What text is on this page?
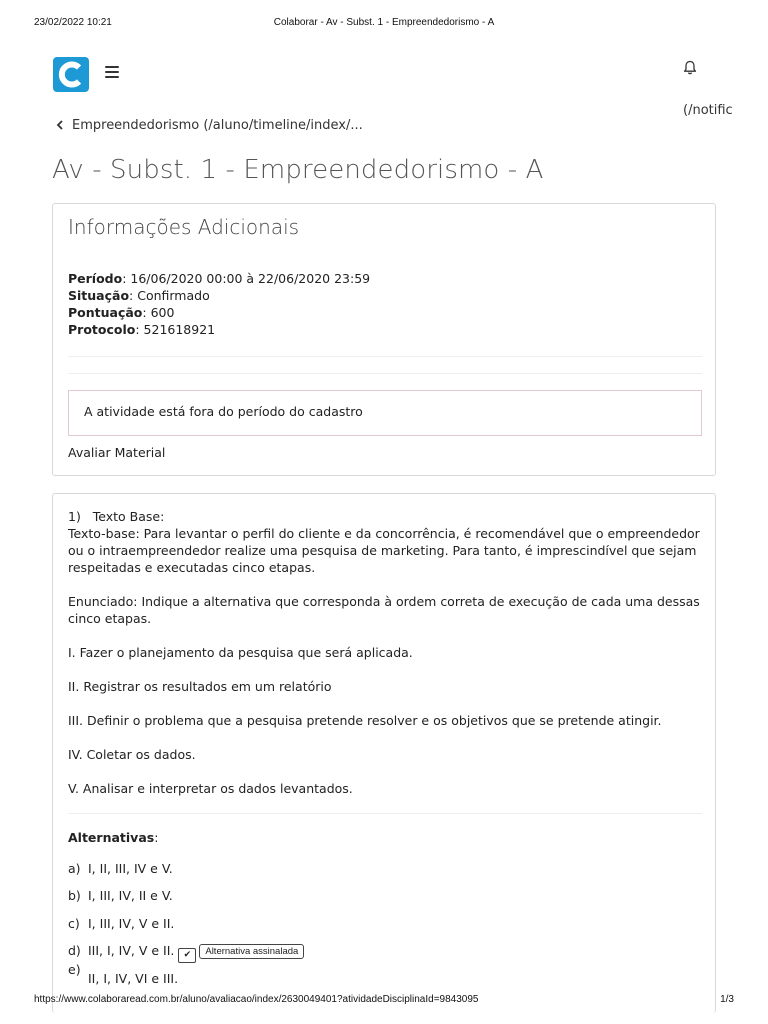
23/02/2022 10:21	Colaborar - Av - Subst. 1 - Empreendedorismo - A
(/notific
Empreendedorismo (/aluno/timeline/index/...
Av - Subst. 1 - Empreendedorismo - A
Informações Adicionais
Período: 16/06/2020 00:00 à 22/06/2020 23:59
Situação: Confirmado
Pontuação: 600
Protocolo: 521618921
A atividade está fora do período do cadastro
Avaliar Material

1) Texto Base:

Texto-base: Para levantar o perfil do cliente e da concorrência, é recomendável que o empreendedor ou o intraempreendedor realize uma pesquisa de marketing. Para tanto, é imprescindível que sejam respeitadas e executadas cinco etapas.

Enunciado: Indique a alternativa que corresponda à ordem correta de execução de cada uma dessas cinco etapas.

I. Fazer o planejamento da pesquisa que será aplicada.

II. Registrar os resultados em um relatório

III. Definir o problema que a pesquisa pretende resolver e os objetivos que se pretende atingir.

IV. Coletar os dados.

V. Analisar e interpretar os dados levantados.

Alternativas:
a) I, II, III, IV e V.
b) I, III, IV, II e V.
c) I, III, IV, V e II.
d) III, I, IV, V e II. ✔ Alternativa assinalada
e)
II, I, IV, VI e III.
https://www.colaboraread.com.br/aluno/avaliacao/index/2630049401?atividadeDisciplinaId=9843095	1/3
